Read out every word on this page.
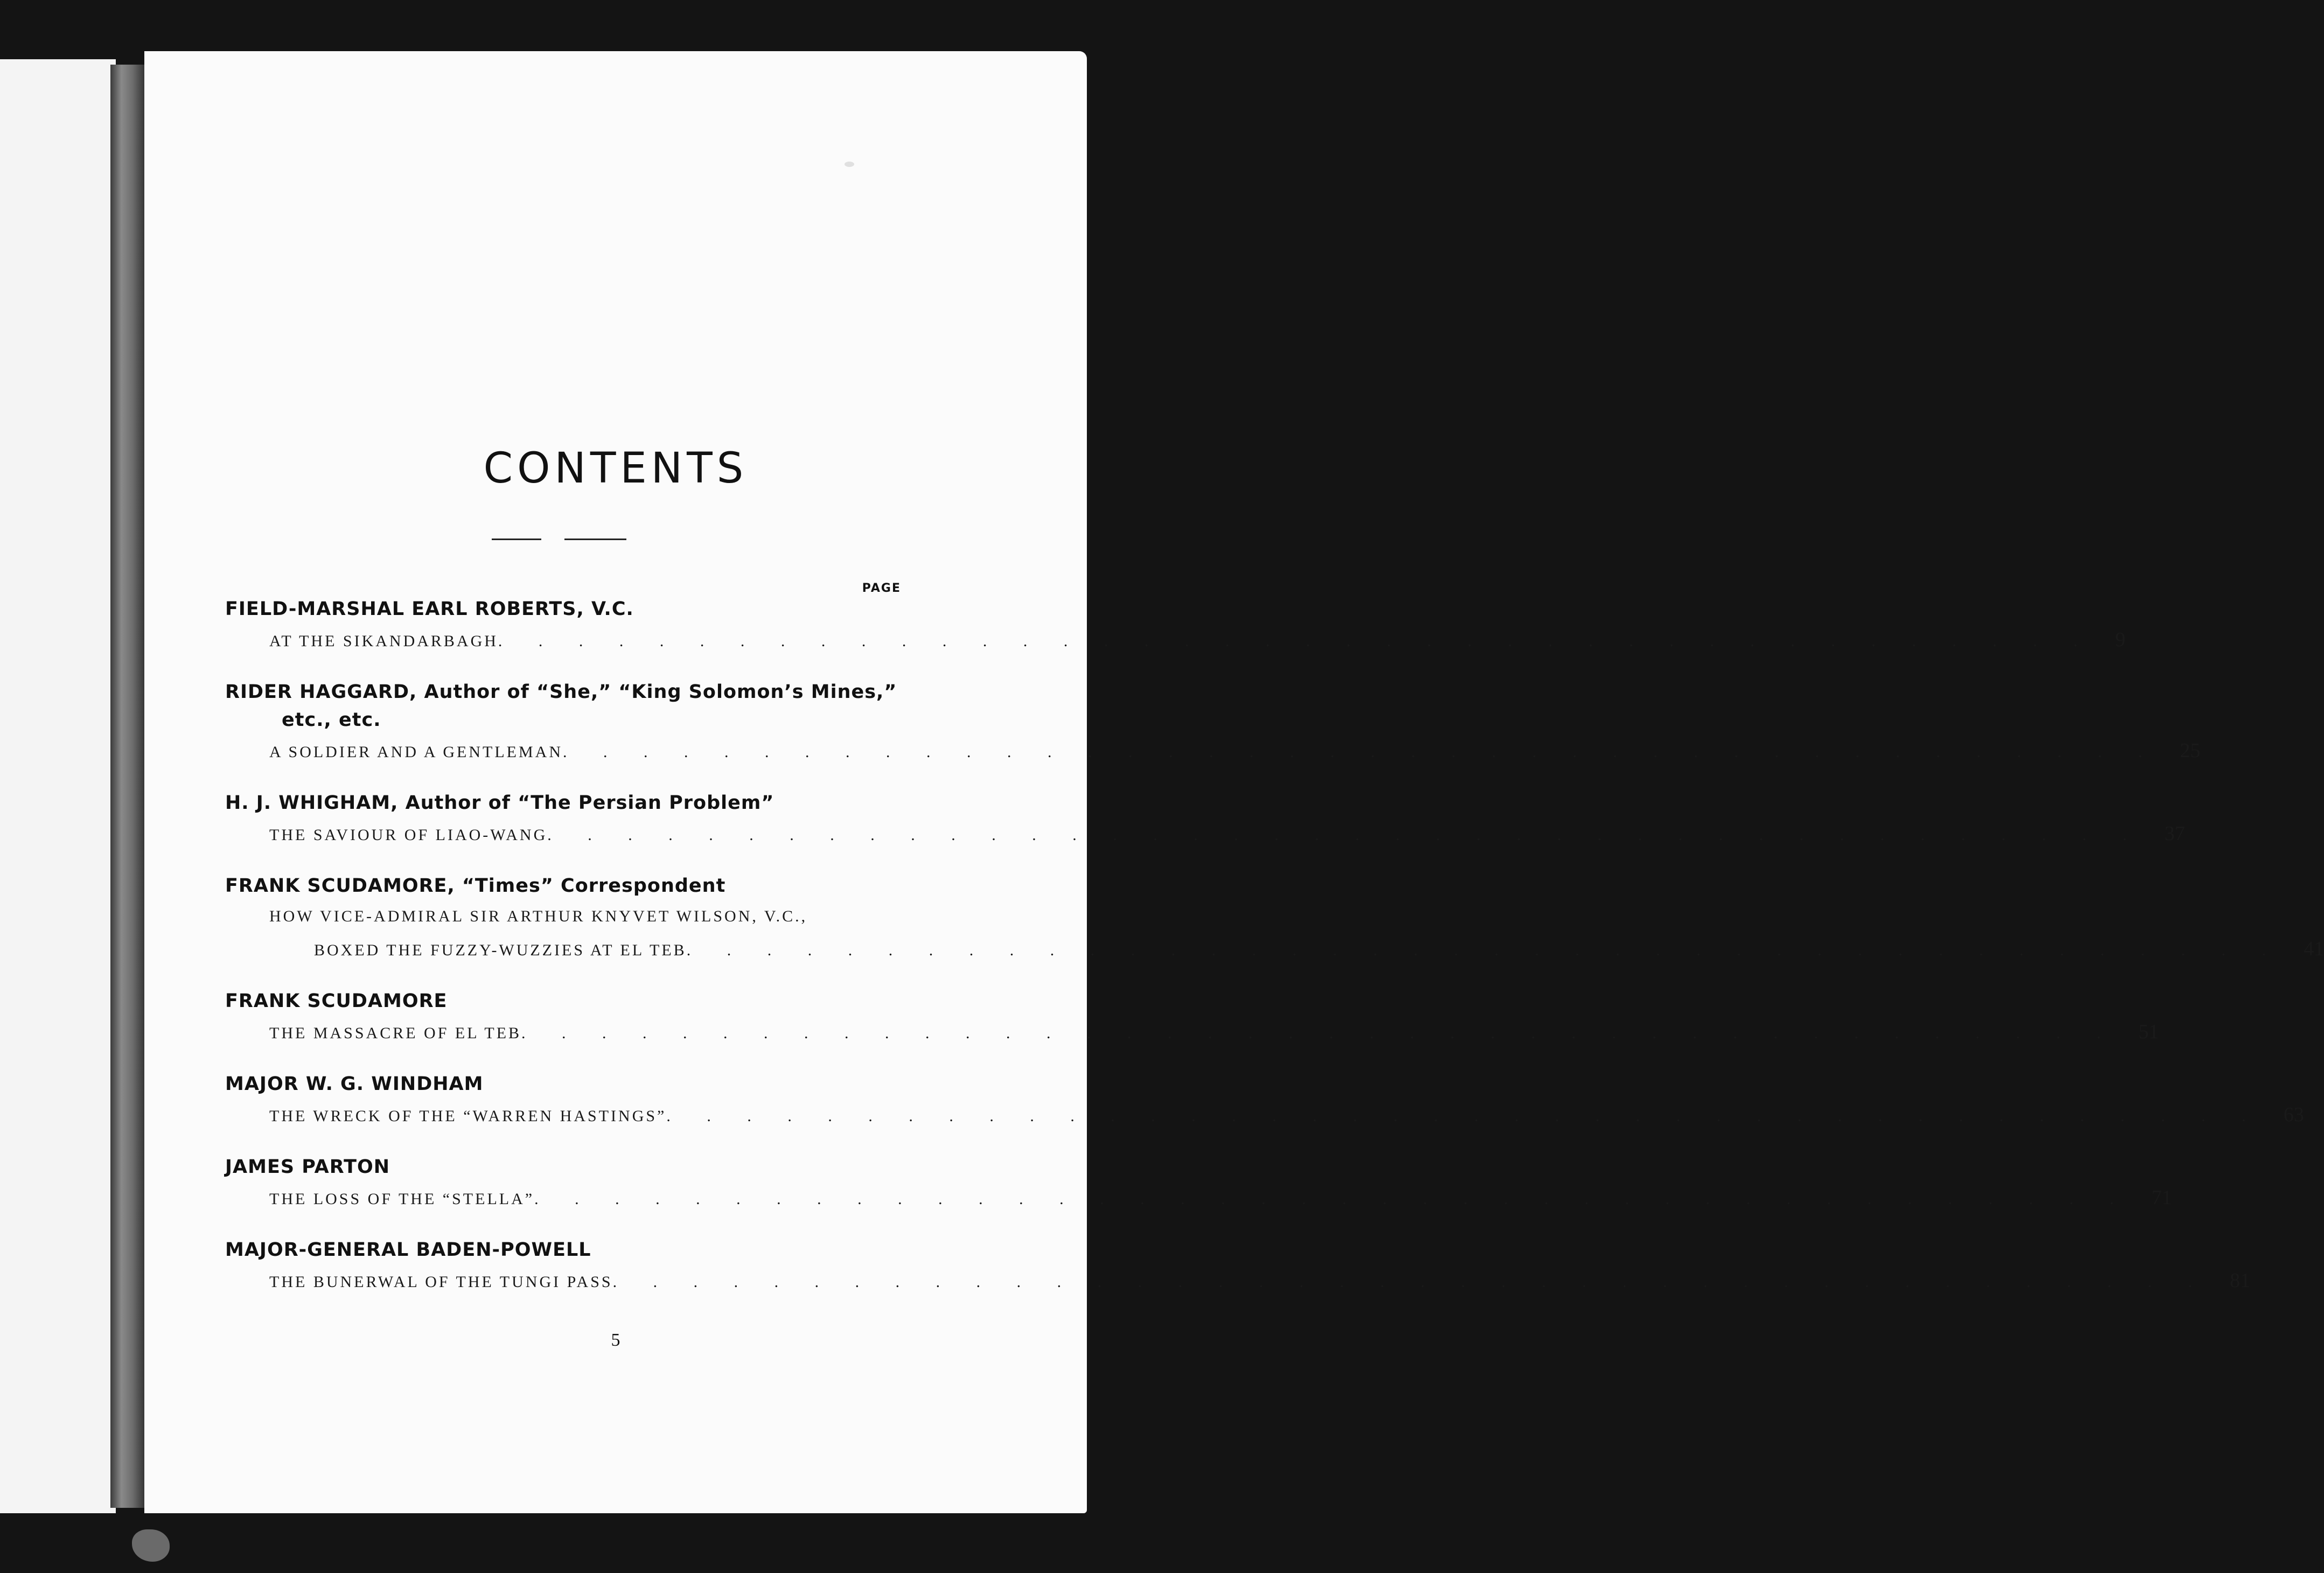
CONTENTS
PAGE
FIELD-MARSHAL EARL ROBERTS, V.C.
AT THE SIKANDARBAGH .     .     .     .     .     .     .     .     .     .     .     .     .     .     .     .     .     .     .     .     .     .     .     .     .     .     .     .     .     .     .     .     .     .     .     .     .     .     .     .     9
RIDER HAGGARD, Author of “She,” “King Solomon’s Mines,” etc., etc.
A SOLDIER AND A GENTLEMAN .     .     .     .     .     .     .     .     .     .     .     .     .     .     .     .     .     .     .     .     .     .     .     .     .     .     .     .     .     .     .     .     .     .     .     .     .     .     .     .     25
H. J. WHIGHAM, Author of “The Persian Problem”
THE SAVIOUR OF LIAO-WANG .     .     .     .     .     .     .     .     .     .     .     .     .     .     .     .     .     .     .     .     .     .     .     .     .     .     .     .     .     .     .     .     .     .     .     .     .     .     .     .     37
FRANK SCUDAMORE, “Times” Correspondent
HOW VICE-ADMIRAL SIR ARTHUR KNYVET WILSON, V.C.,
BOXED THE FUZZY-WUZZIES AT EL TEB .     .     .     .     .     .     .     .     .     .     .     .     .     .     .     .     .     .     .     .     .     .     .     .     .     .     .     .     .     .     .     .     .     .     .     .     .     .     .     .     41
FRANK SCUDAMORE
THE MASSACRE OF EL TEB .     .     .     .     .     .     .     .     .     .     .     .     .     .     .     .     .     .     .     .     .     .     .     .     .     .     .     .     .     .     .     .     .     .     .     .     .     .     .     .     51
MAJOR W. G. WINDHAM
THE WRECK OF THE “WARREN HASTINGS” .     .     .     .     .     .     .     .     .     .     .     .     .     .     .     .     .     .     .     .     .     .     .     .     .     .     .     .     .     .     .     .     .     .     .     .     .     .     .     .     63
JAMES PARTON
THE LOSS OF THE “STELLA” .     .     .     .     .     .     .     .     .     .     .     .     .     .     .     .     .     .     .     .     .     .     .     .     .     .     .     .     .     .     .     .     .     .     .     .     .     .     .     .     71
MAJOR-GENERAL BADEN-POWELL
THE BUNERWAL OF THE TUNGI PASS .     .     .     .     .     .     .     .     .     .     .     .     .     .     .     .     .     .     .     .     .     .     .     .     .     .     .     .     .     .     .     .     .     .     .     .     .     .     .     .     81
5
